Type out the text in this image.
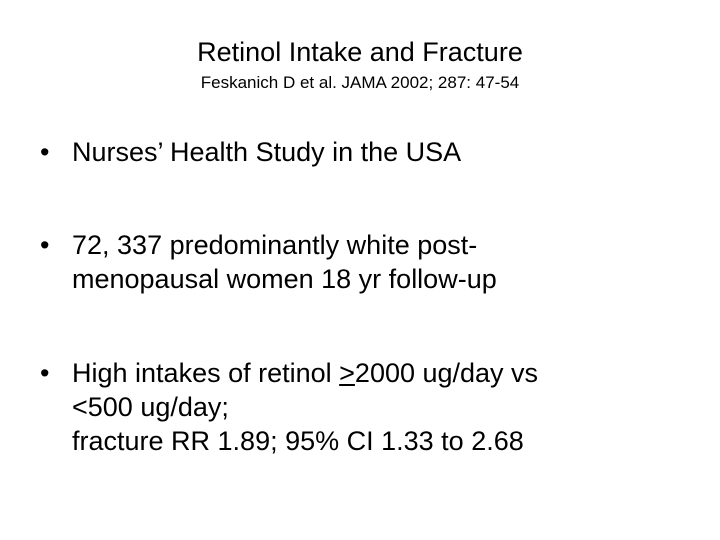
Retinol Intake and Fracture
Feskanich D et al. JAMA 2002; 287: 47-54
• Nurses’ Health Study in the USA
• 72, 337 predominantly white post-
menopausal women 18 yr follow-up
• High intakes of retinol ≥2000 ug/day vs
<500 ug/day;
fracture RR 1.89; 95% CI 1.33 to 2.68
